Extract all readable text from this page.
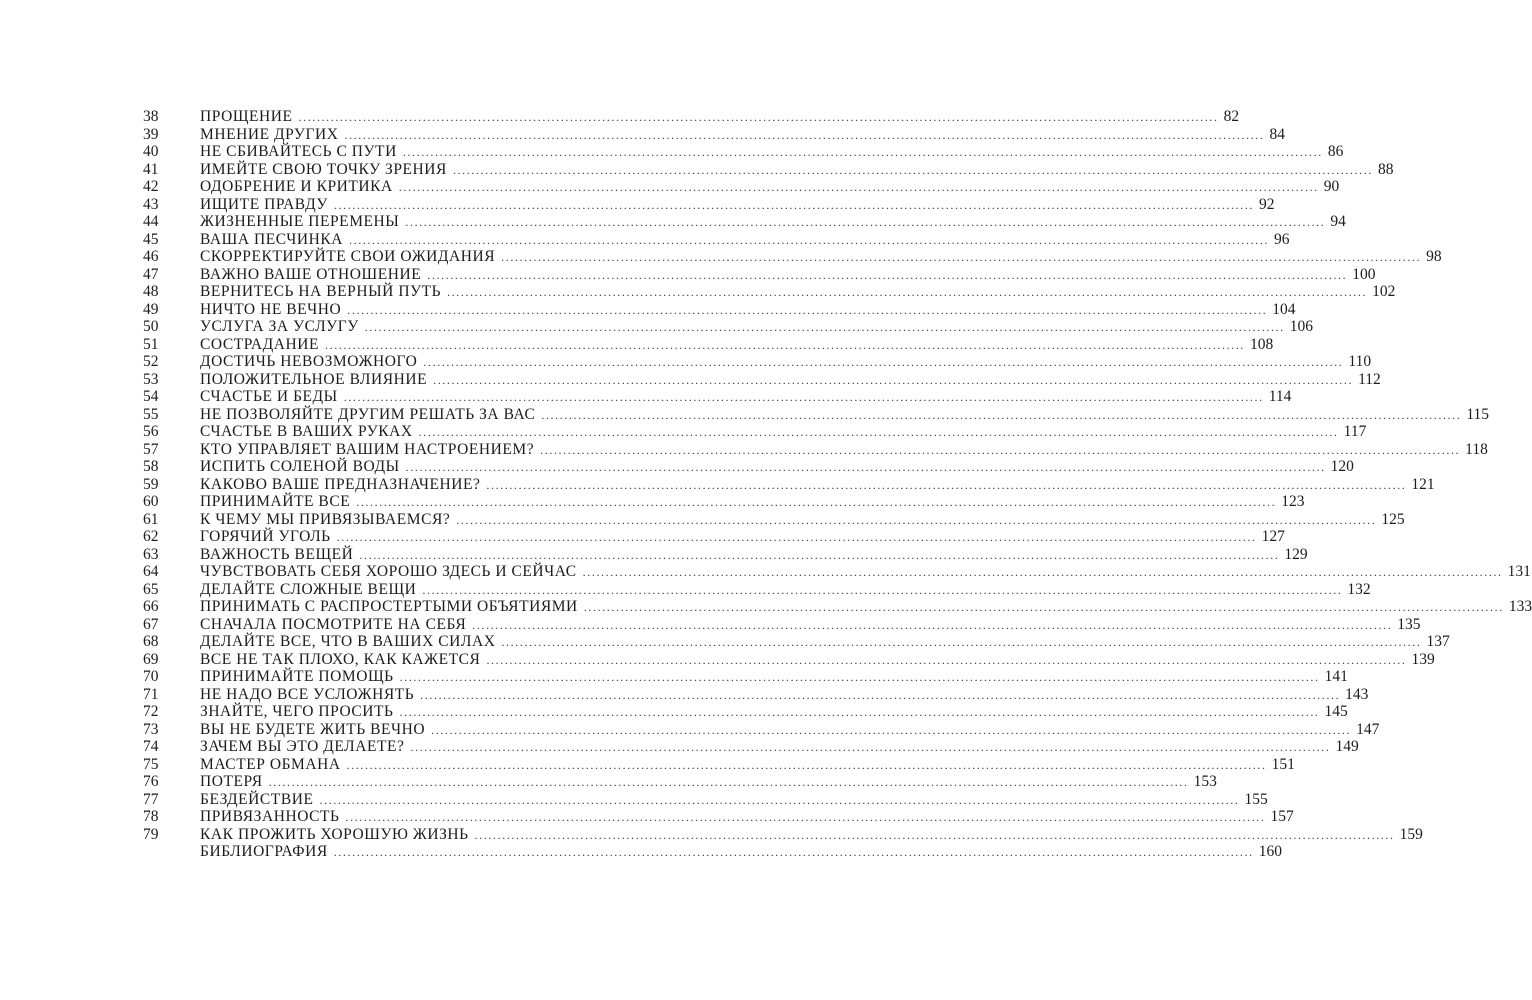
38	ПРОЩЕНИЕ ........................................................................................................................................................................................................ 82
39	МНЕНИЕ ДРУГИХ ........................................................................................................................................................................................................ 84
40	НЕ СБИВАЙТЕСЬ С ПУТИ ........................................................................................................................................................................................................ 86
41	ИМЕЙТЕ СВОЮ ТОЧКУ ЗРЕНИЯ ........................................................................................................................................................................................................ 88
42	ОДОБРЕНИЕ И КРИТИКА ........................................................................................................................................................................................................ 90
43	ИЩИТЕ ПРАВДУ ........................................................................................................................................................................................................ 92
44	ЖИЗНЕННЫЕ ПЕРЕМЕНЫ ........................................................................................................................................................................................................ 94
45	ВАША ПЕСЧИНКА ........................................................................................................................................................................................................ 96
46	СКОРРЕКТИРУЙТЕ СВОИ ОЖИДАНИЯ ........................................................................................................................................................................................................ 98
47	ВАЖНО ВАШЕ ОТНОШЕНИЕ ........................................................................................................................................................................................................ 100
48	ВЕРНИТЕСЬ НА ВЕРНЫЙ ПУТЬ ........................................................................................................................................................................................................ 102
49	НИЧТО НЕ ВЕЧНО ........................................................................................................................................................................................................ 104
50	УСЛУГА ЗА УСЛУГУ ........................................................................................................................................................................................................ 106
51	СОСТРАДАНИЕ ........................................................................................................................................................................................................ 108
52	ДОСТИЧЬ НЕВОЗМОЖНОГО ........................................................................................................................................................................................................ 110
53	ПОЛОЖИТЕЛЬНОЕ ВЛИЯНИЕ ........................................................................................................................................................................................................ 112
54	СЧАСТЬЕ И БЕДЫ ........................................................................................................................................................................................................ 114
55	НЕ ПОЗВОЛЯЙТЕ ДРУГИМ РЕШАТЬ ЗА ВАС ........................................................................................................................................................................................................ 115
56	СЧАСТЬЕ В ВАШИХ РУКАХ ........................................................................................................................................................................................................ 117
57	КТО УПРАВЛЯЕТ ВАШИМ НАСТРОЕНИЕМ? ........................................................................................................................................................................................................ 118
58	ИСПИТЬ СОЛЕНОЙ ВОДЫ ........................................................................................................................................................................................................ 120
59	КАКОВО ВАШЕ ПРЕДНАЗНАЧЕНИЕ? ........................................................................................................................................................................................................ 121
60	ПРИНИМАЙТЕ ВСЕ ........................................................................................................................................................................................................ 123
61	К ЧЕМУ МЫ ПРИВЯЗЫВАЕМСЯ? ........................................................................................................................................................................................................ 125
62	ГОРЯЧИЙ УГОЛЬ ........................................................................................................................................................................................................ 127
63	ВАЖНОСТЬ ВЕЩЕЙ ........................................................................................................................................................................................................ 129
64	ЧУВСТВОВАТЬ СЕБЯ ХОРОШО ЗДЕСЬ И СЕЙЧАС ........................................................................................................................................................................................................ 131
65	ДЕЛАЙТЕ СЛОЖНЫЕ ВЕЩИ ........................................................................................................................................................................................................ 132
66	ПРИНИМАТЬ С РАСПРОСТЕРТЫМИ ОБЪЯТИЯМИ ........................................................................................................................................................................................................ 133
67	СНАЧАЛА ПОСМОТРИТЕ НА СЕБЯ ........................................................................................................................................................................................................ 135
68	ДЕЛАЙТЕ ВСЕ, ЧТО В ВАШИХ СИЛАХ ........................................................................................................................................................................................................ 137
69	ВСЕ НЕ ТАК ПЛОХО, КАК КАЖЕТСЯ ........................................................................................................................................................................................................ 139
70	ПРИНИМАЙТЕ ПОМОЩЬ ........................................................................................................................................................................................................ 141
71	НЕ НАДО ВСЕ УСЛОЖНЯТЬ ........................................................................................................................................................................................................ 143
72	ЗНАЙТЕ, ЧЕГО ПРОСИТЬ ........................................................................................................................................................................................................ 145
73	ВЫ НЕ БУДЕТЕ ЖИТЬ ВЕЧНО ........................................................................................................................................................................................................ 147
74	ЗАЧЕМ ВЫ ЭТО ДЕЛАЕТЕ? ........................................................................................................................................................................................................ 149
75	МАСТЕР ОБМАНА ........................................................................................................................................................................................................ 151
76	ПОТЕРЯ ........................................................................................................................................................................................................ 153
77	БЕЗДЕЙСТВИЕ ........................................................................................................................................................................................................ 155
78	ПРИВЯЗАННОСТЬ ........................................................................................................................................................................................................ 157
79	КАК ПРОЖИТЬ ХОРОШУЮ ЖИЗНЬ ........................................................................................................................................................................................................ 159
БИБЛИОГРАФИЯ ........................................................................................................................................................................................................ 160
